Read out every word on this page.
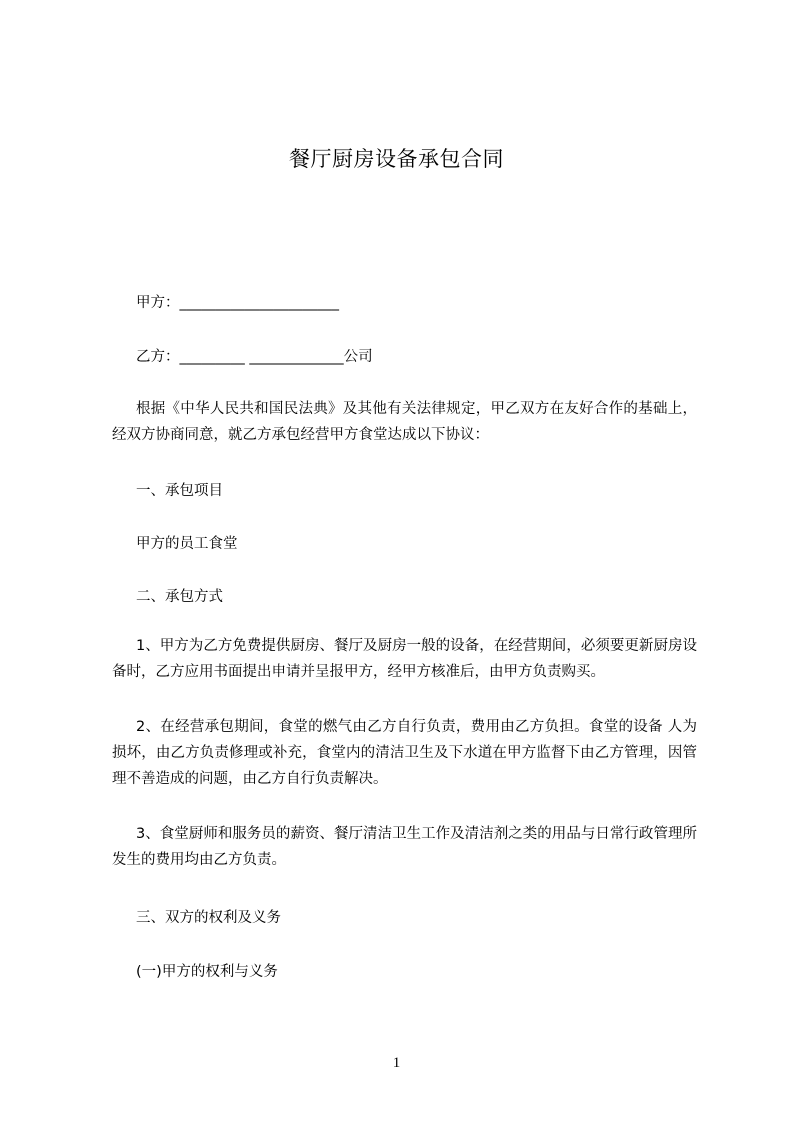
餐厅厨房设备承包合同
甲方：______________________
乙方：_________ _____________公司
根据《中华人民共和国民法典》及其他有关法律规定，甲乙双方在友好合作的基础上，经双方协商同意，就乙方承包经营甲方食堂达成以下协议：
一、承包项目
甲方的员工食堂
二、承包方式
1、甲方为乙方免费提供厨房、餐厅及厨房一般的设备，在经营期间，必须要更新厨房设备时，乙方应用书面提出申请并呈报甲方，经甲方核准后，由甲方负责购买。
2、在经营承包期间，食堂的燃气由乙方自行负责，费用由乙方负担。食堂的设备 人为损坏，由乙方负责修理或补充，食堂内的清洁卫生及下水道在甲方监督下由乙方管理，因管理不善造成的问题，由乙方自行负责解决。
3、食堂厨师和服务员的薪资、餐厅清洁卫生工作及清洁剂之类的用品与日常行政管理所发生的费用均由乙方负责。
三、双方的权利及义务
(一)甲方的权利与义务
1
